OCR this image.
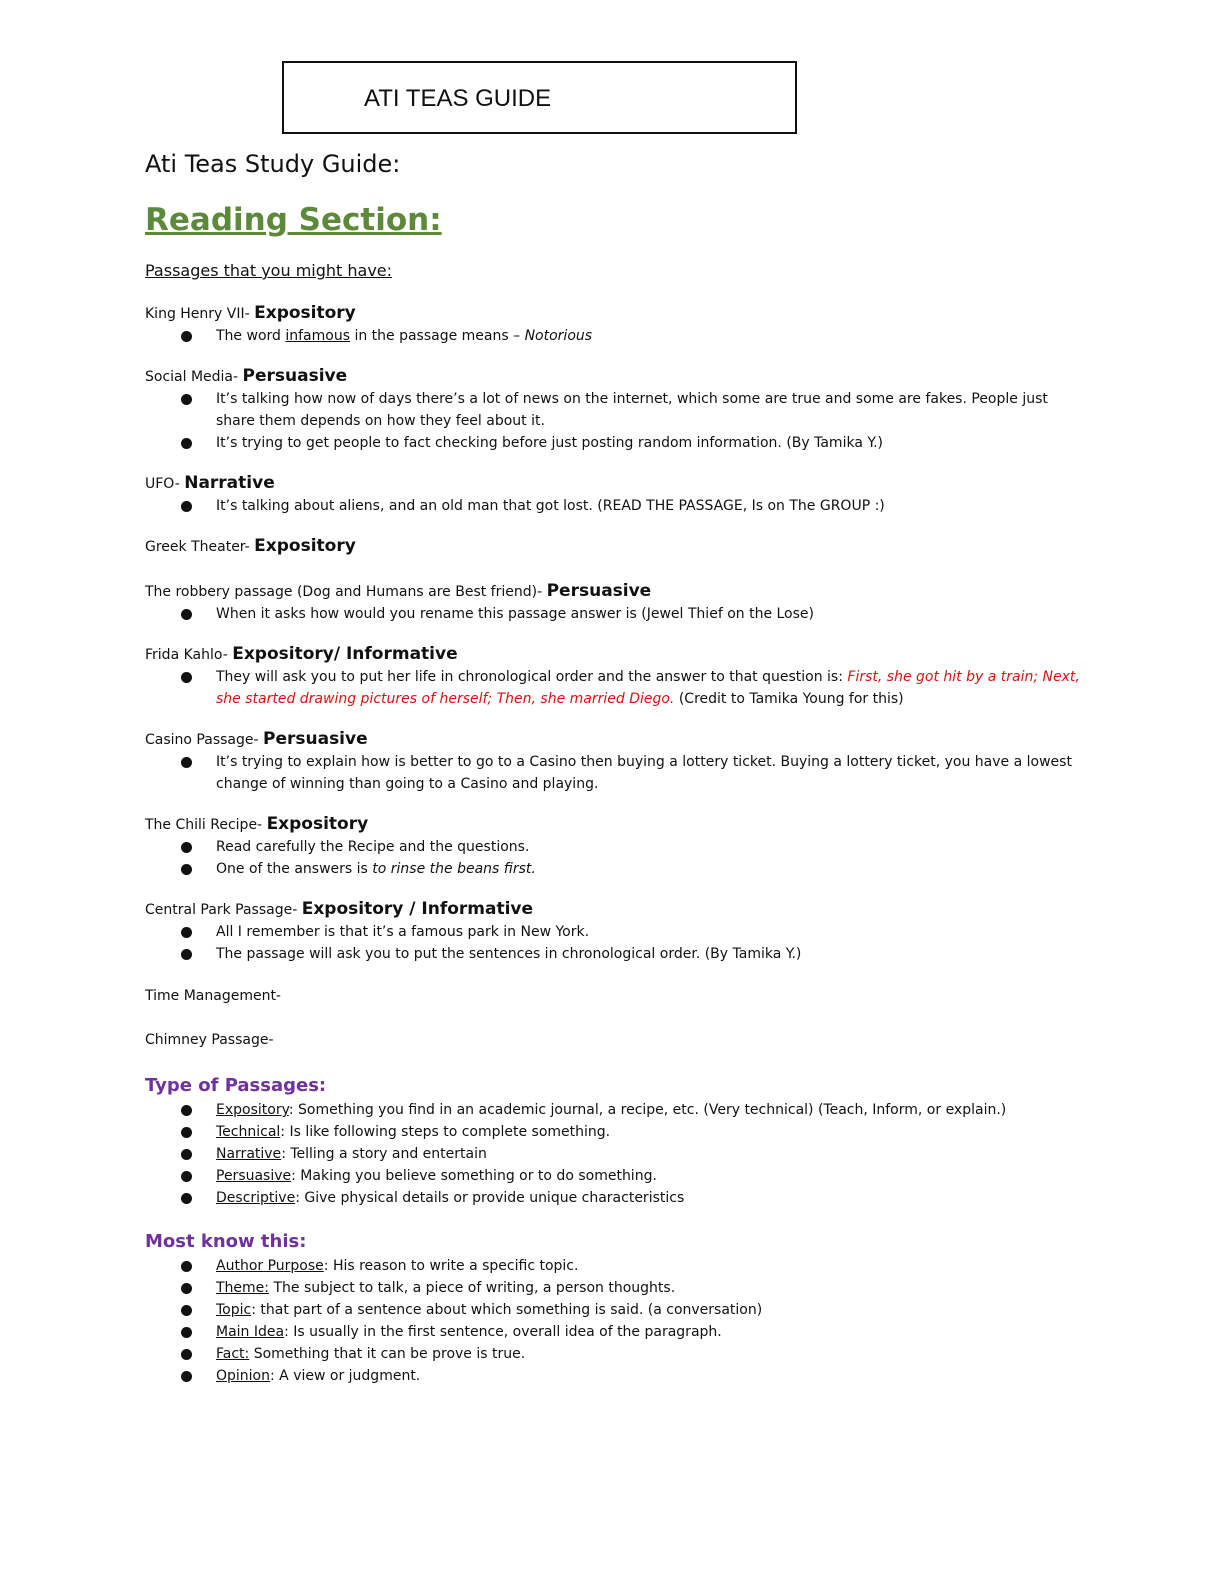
ATI TEAS GUIDE
Ati Teas Study Guide:
Reading Section:
Passages that you might have:
King Henry VII- Expository
The word infamous in the passage means – Notorious
Social Media- Persuasive
It’s talking how now of days there’s a lot of news on the internet, which some are true and some are fakes. People just share them depends on how they feel about it.
It’s trying to get people to fact checking before just posting random information. (By Tamika Y.)
UFO- Narrative
It’s talking about aliens, and an old man that got lost. (READ THE PASSAGE, Is on The GROUP :)
Greek Theater- Expository
The robbery passage (Dog and Humans are Best friend)- Persuasive
When it asks how would you rename this passage answer is (Jewel Thief on the Lose)
Frida Kahlo- Expository/ Informative
They will ask you to put her life in chronological order and the answer to that question is: First, she got hit by a train; Next, she started drawing pictures of herself; Then, she married Diego. (Credit to Tamika Young for this)
Casino Passage- Persuasive
It’s trying to explain how is better to go to a Casino then buying a lottery ticket. Buying a lottery ticket, you have a lowest change of winning than going to a Casino and playing.
The Chili Recipe- Expository
Read carefully the Recipe and the questions.
One of the answers is to rinse the beans first.
Central Park Passage- Expository / Informative
All I remember is that it’s a famous park in New York.
The passage will ask you to put the sentences in chronological order. (By Tamika Y.)
Time Management-
Chimney Passage-
Type of Passages:
Expository: Something you find in an academic journal, a recipe, etc. (Very technical) (Teach, Inform, or explain.)
Technical: Is like following steps to complete something.
Narrative: Telling a story and entertain
Persuasive: Making you believe something or to do something.
Descriptive: Give physical details or provide unique characteristics
Most know this:
Author Purpose: His reason to write a specific topic.
Theme: The subject to talk, a piece of writing, a person thoughts.
Topic: that part of a sentence about which something is said. (a conversation)
Main Idea: Is usually in the first sentence, overall idea of the paragraph.
Fact: Something that it can be prove is true.
Opinion: A view or judgment.
